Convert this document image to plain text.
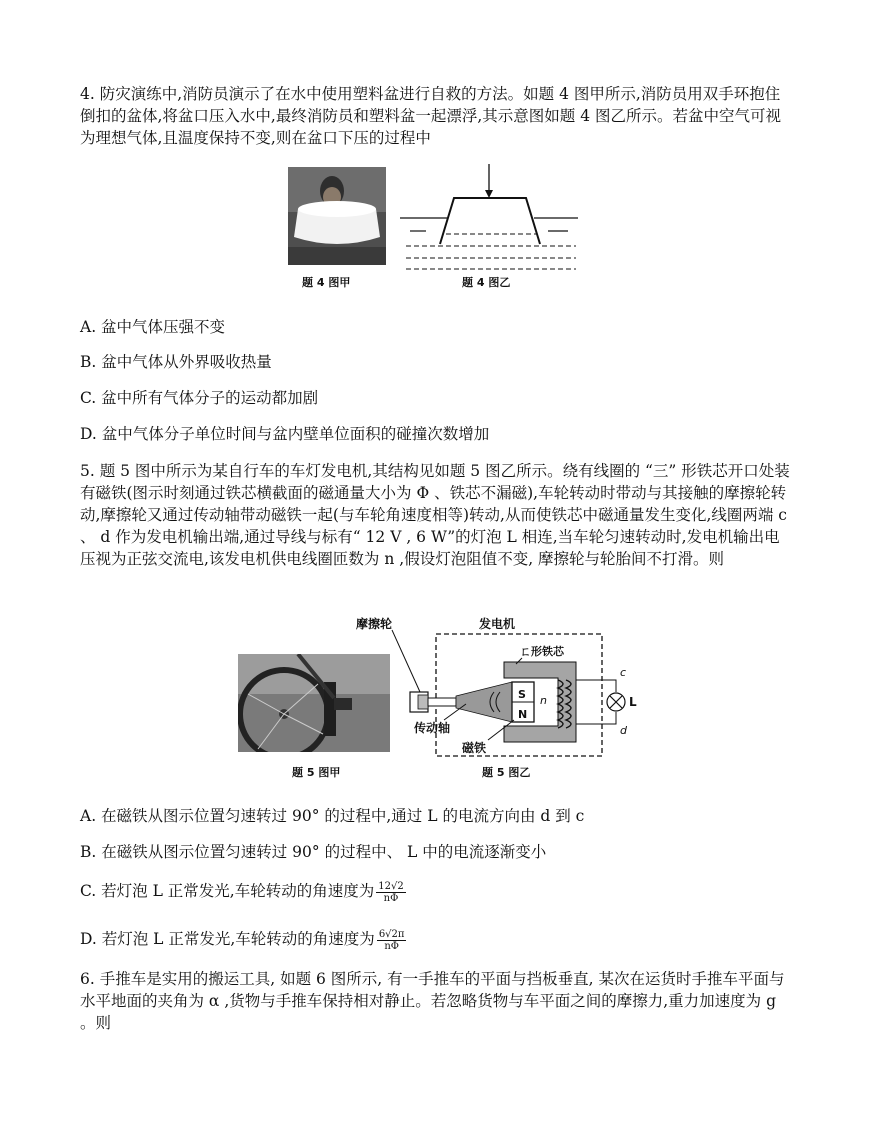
4. 防灾演练中,消防员演示了在水中使用塑料盆进行自救的方法。如题 4 图甲所示,消防员用双手环抱住倒扣的盆体,将盆口压入水中,最终消防员和塑料盆一起漂浮,其示意图如题 4 图乙所示。若盆中空气可视为理想气体,且温度保持不变,则在盆口下压的过程中

题 4 图甲	题 4 图乙

A. 盆中气体压强不变

B. 盆中气体从外界吸收热量

C. 盆中所有气体分子的运动都加剧

D. 盆中气体分子单位时间与盆内壁单位面积的碰撞次数增加

5. 题 5 图中所示为某自行车的车灯发电机,其结构见如题 5 图乙所示。绕有线圈的 “三” 形铁芯开口处装有磁铁(图示时刻通过铁芯横截面的磁通量大小为 Φ 、铁芯不漏磁),车轮转动时带动与其接触的摩擦轮转动,摩擦轮又通过传动轴带动磁铁一起(与车轮角速度相等)转动,从而使铁芯中磁通量发生变化,线圈两端 c 、 d 作为发电机输出端,通过导线与标有“ 12 V , 6 W”的灯泡 L 相连,当车轮匀速转动时,发电机输出电压视为正弦交流电,该发电机供电线圈匝数为 n ,假设灯泡阻值不变, 摩擦轮与轮胎间不打滑。则

题 5 图甲
摩擦轮	发电机
S
N
n	L
c
d
ㄈ形铁芯
传动轴
磁铁
题 5 图乙

A. 在磁铁从图示位置匀速转过 90° 的过程中,通过 L 的电流方向由 d 到 c

B. 在磁铁从图示位置匀速转过 90° 的过程中、 L 中的电流逐渐变小

C. 若灯泡 L 正常发光,车轮转动的角速度为 $\frac{12√2}{n\Phi}$

D. 若灯泡 L 正常发光,车轮转动的角速度为 $\frac{6√2\pi}{n\Phi}$

6. 手推车是实用的搬运工具, 如题 6 图所示, 有一手推车的平面与挡板垂直, 某次在运货时手推车平面与水平地面的夹角为 α ,货物与手推车保持相对静止。若忽略货物与车平面之间的摩擦力,重力加速度为 g 。则
